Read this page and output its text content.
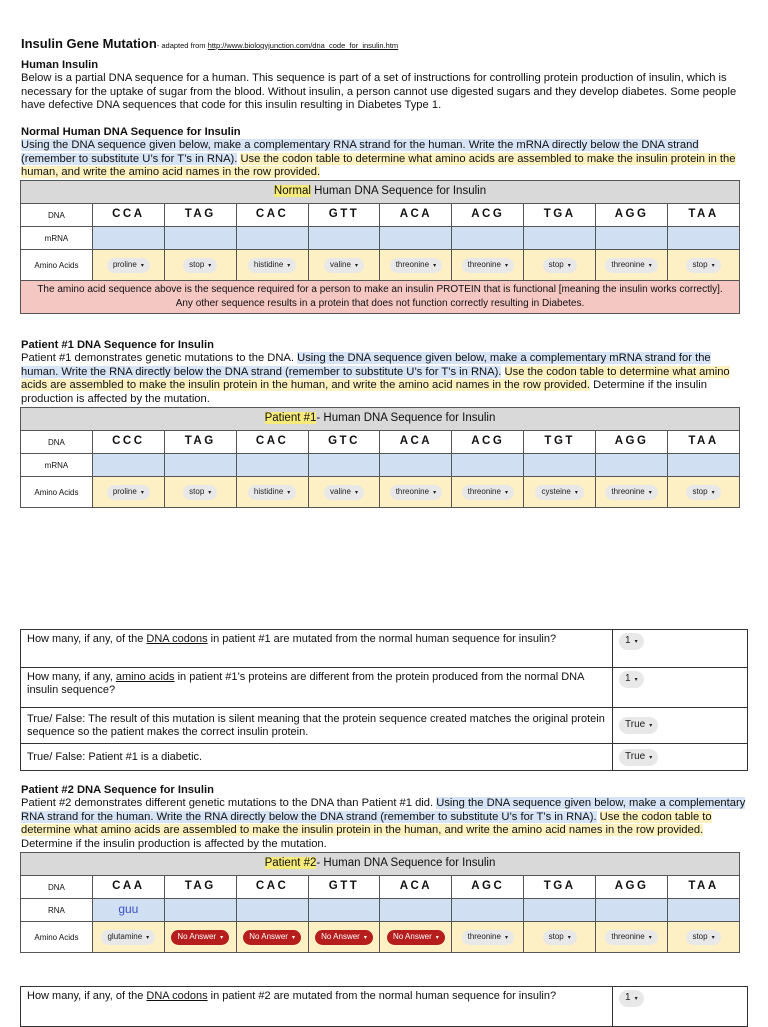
Insulin Gene Mutation- adapted from http://www.biologyjunction.com/dna_code_for_insulin.htm
Human Insulin
Below is a partial DNA sequence for a human. This sequence is part of a set of instructions for controlling protein production of insulin, which is necessary for the uptake of sugar from the blood. Without insulin, a person cannot use digested sugars and they develop diabetes. Some people have defective DNA sequences that code for this insulin resulting in Diabetes Type 1.
Normal Human DNA Sequence for Insulin
Using the DNA sequence given below, make a complementary RNA strand for the human. Write the mRNA directly below the DNA strand (remember to substitute U’s for T’s in RNA). Use the codon table to determine what amino acids are assembled to make the insulin protein in the human, and write the amino acid names in the row provided.
Normal Human DNA Sequence for Insulin									
DNA	CCA	TAG	CAC	GTT	ACA	ACG	TGA	AGG	TAA
mRNA									
Amino Acids	proline ▾	stop ▾	histidine ▾	valine ▾	threonine ▾	threonine ▾	stop ▾	threonine ▾	stop ▾
The amino acid sequence above is the sequence required for a person to make an insulin PROTEIN that is functional [meaning the insulin works correctly].
Any other sequence results in a protein that does not function correctly resulting in Diabetes.									
Patient #1 DNA Sequence for Insulin
Patient #1 demonstrates genetic mutations to the DNA. Using the DNA sequence given below, make a complementary mRNA strand for the human. Write the RNA directly below the DNA strand (remember to substitute U’s for T’s in RNA). Use the codon table to determine what amino acids are assembled to make the insulin protein in the human, and write the amino acid names in the row provided. Determine if the insulin production is affected by the mutation.
Patient #1- Human DNA Sequence for Insulin									
DNA	CCC	TAG	CAC	GTC	ACA	ACG	TGT	AGG	TAA
mRNA									
Amino Acids	proline ▾	stop ▾	histidine ▾	valine ▾	threonine ▾	threonine ▾	cysteine ▾	threonine ▾	stop ▾
How many, if any, of the DNA codons in patient #1 are mutated from the normal human sequence for insulin?	1 ▾
How many, if any, amino acids in patient #1’s proteins are different from the protein produced from the normal DNA insulin sequence?	1 ▾
True/ False: The result of this mutation is silent meaning that the protein sequence created matches the original protein sequence so the patient makes the correct insulin protein.	True ▾
True/ False: Patient #1 is a diabetic.	True ▾
Patient #2 DNA Sequence for Insulin
Patient #2 demonstrates different genetic mutations to the DNA than Patient #1 did. Using the DNA sequence given below, make a complementary RNA strand for the human. Write the RNA directly below the DNA strand (remember to substitute U’s for T’s in RNA). Use the codon table to determine what amino acids are assembled to make the insulin protein in the human, and write the amino acid names in the row provided. Determine if the insulin production is affected by the mutation.
Patient #2- Human DNA Sequence for Insulin									
DNA	CAA	TAG	CAC	GTT	ACA	AGC	TGA	AGG	TAA
RNA	guu								
Amino Acids	glutamine ▾	No Answer ▾	No Answer ▾	No Answer ▾	No Answer ▾	threonine ▾	stop ▾	threonine ▾	stop ▾
How many, if any, of the DNA codons in patient #2 are mutated from the normal human sequence for insulin?	1 ▾
